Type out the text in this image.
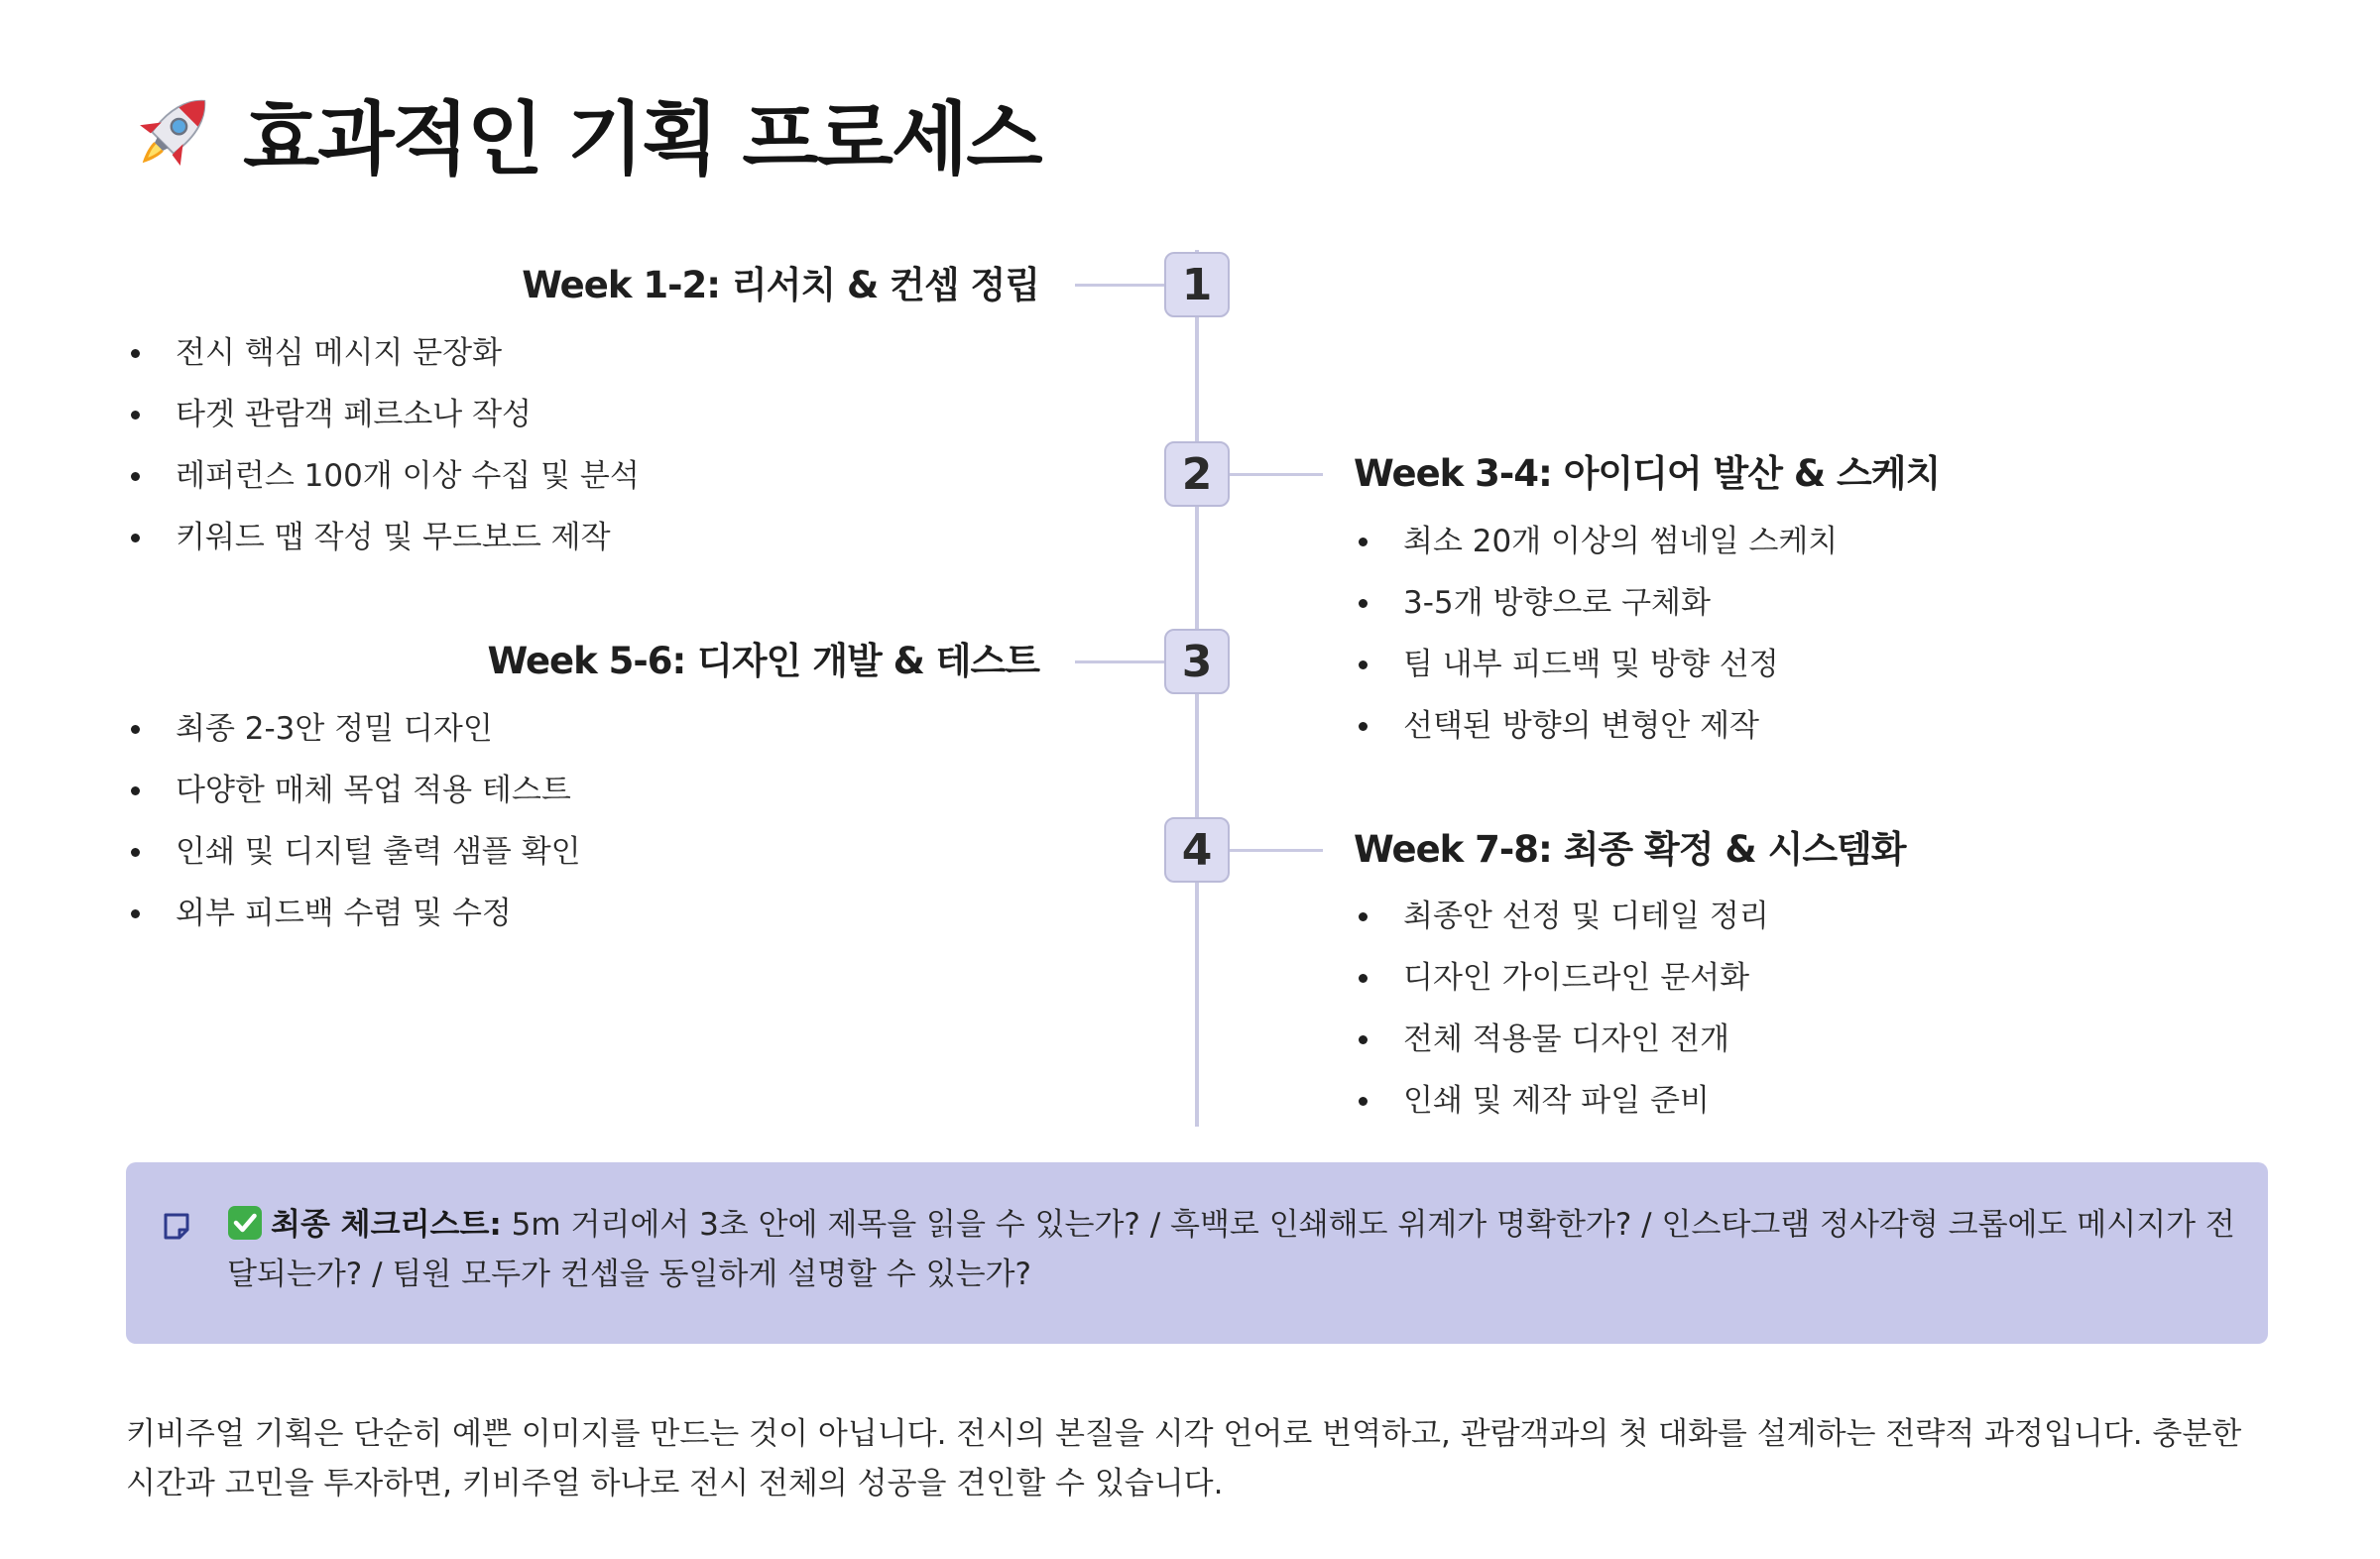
효과적인 기획 프로세스
1
Week 1-2: 리서치 & 컨셉 정립
전시 핵심 메시지 문장화
타겟 관람객 페르소나 작성
레퍼런스 100개 이상 수집 및 분석
키워드 맵 작성 및 무드보드 제작
2	Week 3-4: 아이디어 발산 & 스케치
최소 20개 이상의 썸네일 스케치
3-5개 방향으로 구체화
팀 내부 피드백 및 방향 선정
선택된 방향의 변형안 제작
3
Week 5-6: 디자인 개발 & 테스트
최종 2-3안 정밀 디자인
다양한 매체 목업 적용 테스트
인쇄 및 디지털 출력 샘플 확인
외부 피드백 수렴 및 수정
4	Week 7-8: 최종 확정 & 시스템화
최종안 선정 및 디테일 정리
디자인 가이드라인 문서화
전체 적용물 디자인 전개
인쇄 및 제작 파일 준비
최종 체크리스트: 5m 거리에서 3초 안에 제목을 읽을 수 있는가? / 흑백로 인쇄해도 위계가 명확한가? / 인스타그램 정사각형 크롭에도 메시지가 전달되는가? / 팀원 모두가 컨셉을 동일하게 설명할 수 있는가?

키비주얼 기획은 단순히 예쁜 이미지를 만드는 것이 아닙니다. 전시의 본질을 시각 언어로 번역하고, 관람객과의 첫 대화를 설계하는 전략적 과정입니다. 충분한 시간과 고민을 투자하면, 키비주얼 하나로 전시 전체의 성공을 견인할 수 있습니다.
